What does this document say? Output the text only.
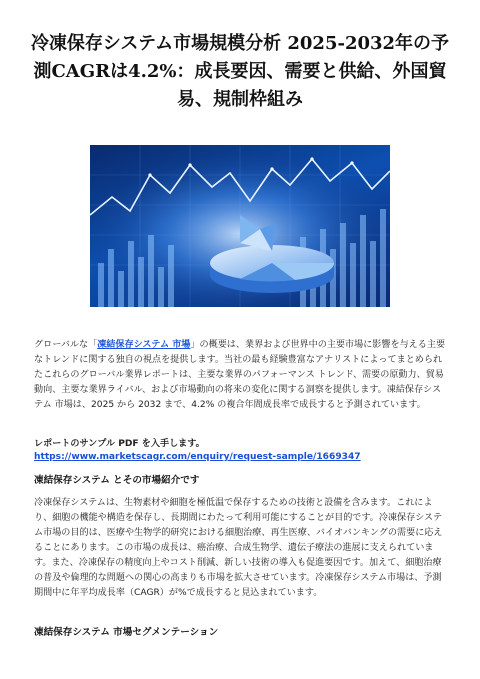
冷凍保存システム市場規模分析 2025-2032年の予測CAGRは4.2%：成長要因、需要と供給、外国貿易、規制枠組み

グローバルな「凍結保存システム 市場」の概要は、業界および世界中の主要市場に影響を与える主要なトレンドに関する独自の視点を提供します。当社の最も経験豊富なアナリストによってまとめられたこれらのグローバル業界レポートは、主要な業界のパフォーマンス トレンド、需要の原動力、貿易動向、主要な業界ライバル、および市場動向の将来の変化に関する洞察を提供します。凍結保存システム 市場は、2025 から 2032 まで、4.2% の複合年間成長率で成長すると予測されています。

レポートのサンプル PDF を入手します。 https://www.marketscagr.com/enquiry/request-sample/1669347
凍結保存システム とその市場紹介です

冷凍保存システムは、生物素材や細胞を極低温で保存するための技術と設備を含みます。これにより、細胞の機能や構造を保存し、長期間にわたって利用可能にすることが目的です。冷凍保存システム市場の目的は、医療や生物学的研究における細胞治療、再生医療、バイオバンキングの需要に応えることにあります。この市場の成長は、癌治療、合成生物学、遺伝子療法の進展に支えられています。また、冷凍保存の精度向上やコスト削減、新しい技術の導入も促進要因です。加えて、細胞治療の普及や倫理的な問題への関心の高まりも市場を拡大させています。冷凍保存システム市場は、予測期間中に年平均成長率（CAGR）が%で成長すると見込まれています。

凍結保存システム 市場セグメンテーション
